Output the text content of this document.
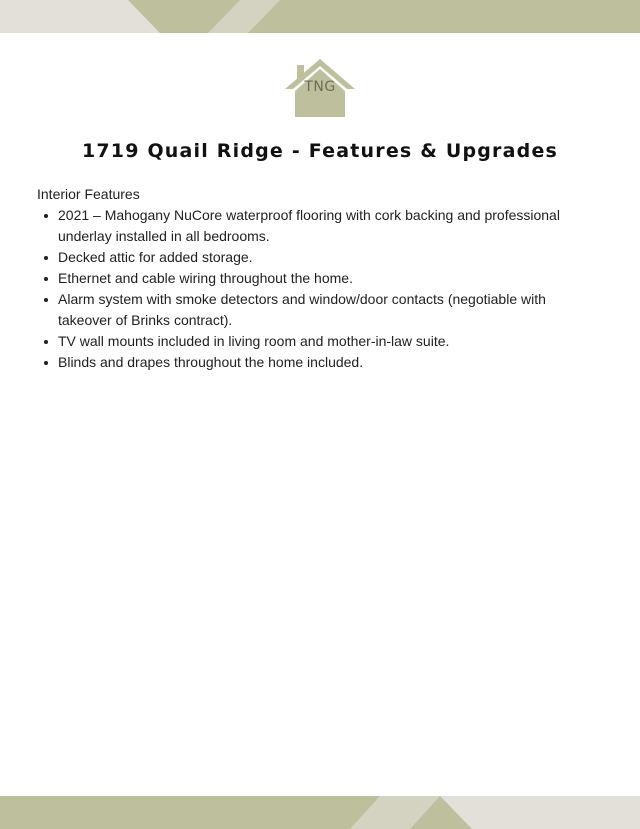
TNG
1719 Quail Ridge - Features & Upgrades

Interior Features

2021 – Mahogany NuCore waterproof flooring with cork backing and professional underlay installed in all bedrooms.
Decked attic for added storage.
Ethernet and cable wiring throughout the home.
Alarm system with smoke detectors and window/door contacts (negotiable with takeover of Brinks contract).
TV wall mounts included in living room and mother-in-law suite.
Blinds and drapes throughout the home included.
